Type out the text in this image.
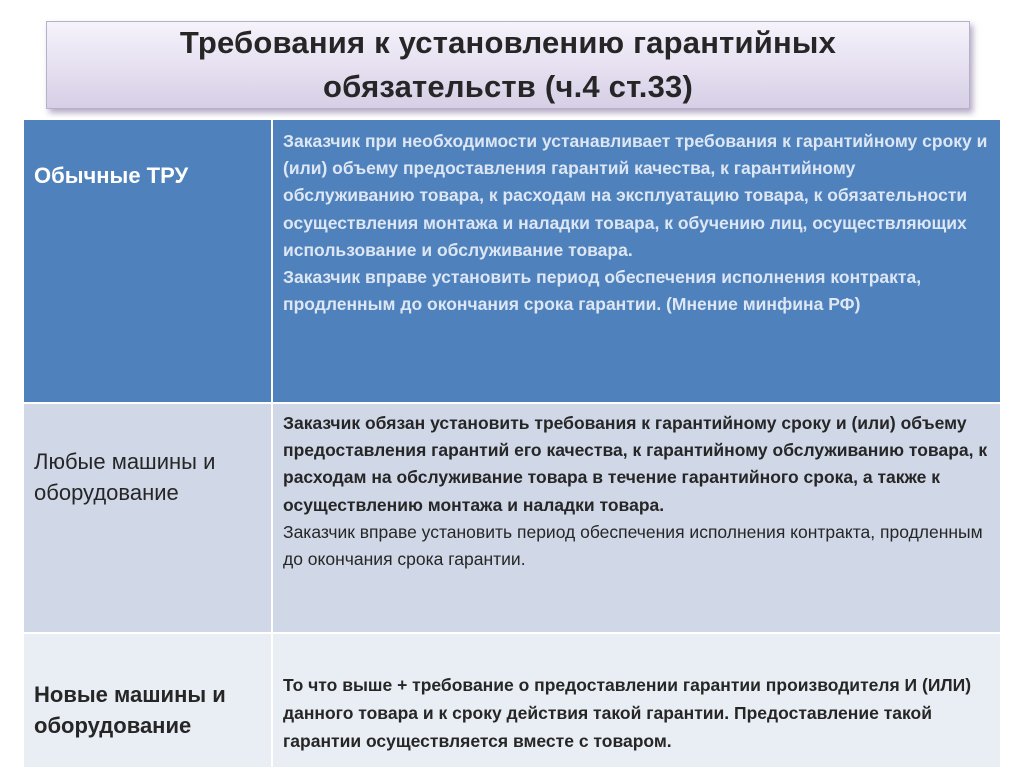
Требования к установлению гарантийных
обязательств (ч.4 ст.33)
Обычные ТРУ	Заказчик при необходимости устанавливает требования к гарантийному сроку и (или) объему предоставления гарантий качества, к гарантийному обслуживанию товара, к расходам на эксплуатацию товара, к обязательности осуществления монтажа и наладки товара, к обучению лиц, осуществляющих использование и обслуживание товара.

Заказчик вправе установить период обеспечения исполнения контракта, продленным до окончания срока гарантии. (Мнение минфина РФ)

Любые машины и оборудование	Заказчик обязан установить требования к гарантийному сроку и (или) объему предоставления гарантий его качества, к гарантийному обслуживанию товара, к расходам на обслуживание товара в течение гарантийного срока, а также к осуществлению монтажа и наладки товара.

Заказчик вправе установить период обеспечения исполнения контракта, продленным до окончания срока гарантии.

Новые машины и оборудование	То что выше + требование о предоставлении гарантии производителя И (ИЛИ) данного товара и к сроку действия такой гарантии. Предоставление такой гарантии осуществляется вместе с товаром.
